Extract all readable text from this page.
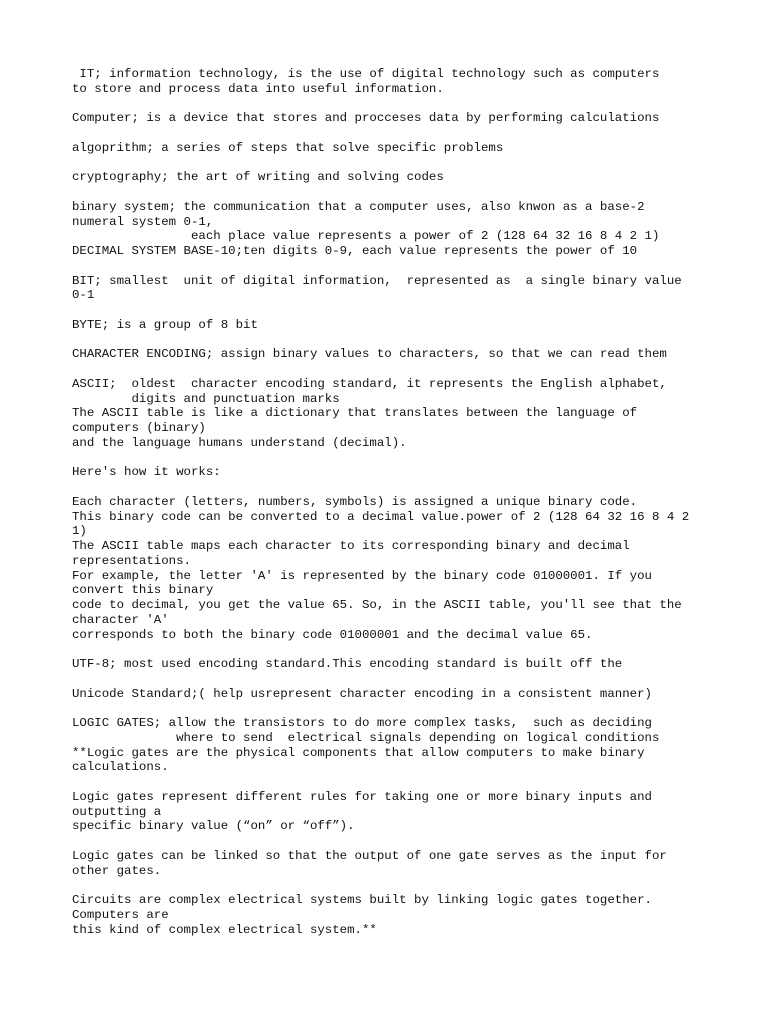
IT; information technology, is the use of digital technology such as computers
to store and process data into useful information.

Computer; is a device that stores and procceses data by performing calculations

algoprithm; a series of steps that solve specific problems

cryptography; the art of writing and solving codes

binary system; the communication that a computer uses, also knwon as a base-2
numeral system 0-1,
each place value represents a power of 2 (128 64 32 16 8 4 2 1)
DECIMAL SYSTEM BASE-10;ten digits 0-9, each value represents the power of 10

BIT; smallest  unit of digital information,  represented as  a single binary value
0-1

BYTE; is a group of 8 bit

CHARACTER ENCODING; assign binary values to characters, so that we can read them

ASCII;  oldest  character encoding standard, it represents the English alphabet,
digits and punctuation marks
The ASCII table is like a dictionary that translates between the language of
computers (binary)
and the language humans understand (decimal).

Here's how it works:

Each character (letters, numbers, symbols) is assigned a unique binary code.
This binary code can be converted to a decimal value.power of 2 (128 64 32 16 8 4 2
1)
The ASCII table maps each character to its corresponding binary and decimal
representations.
For example, the letter 'A' is represented by the binary code 01000001. If you
convert this binary
code to decimal, you get the value 65. So, in the ASCII table, you'll see that the
character 'A'
corresponds to both the binary code 01000001 and the decimal value 65.

UTF-8; most used encoding standard.This encoding standard is built off the

Unicode Standard;( help usrepresent character encoding in a consistent manner)

LOGIC GATES; allow the transistors to do more complex tasks,  such as deciding
where to send  electrical signals depending on logical conditions
**Logic gates are the physical components that allow computers to make binary
calculations.

Logic gates represent different rules for taking one or more binary inputs and
outputting a
specific binary value (“on” or “off”).

Logic gates can be linked so that the output of one gate serves as the input for
other gates.

Circuits are complex electrical systems built by linking logic gates together.
Computers are
this kind of complex electrical system.**
